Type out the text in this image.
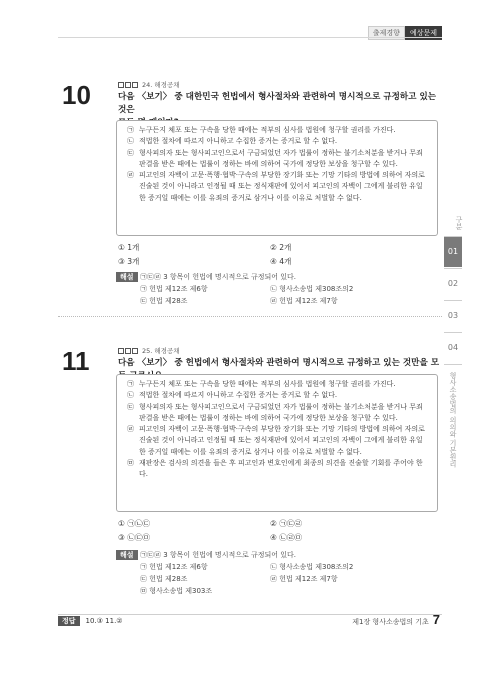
출제경향	예상문제
10	24. 해경공채
다음 〈보기〉 중 대한민국 헌법에서 형사절차와 관련하여 명시적으로 규정하고 있는 것은
㉠ 누구든지 체포 또는 구속을 당한 때에는 적부의 심사를 법원에 청구할 권리를 가진다.
㉡ 적법한 절차에 따르지 아니하고 수집한 증거는 증거로 할 수 없다.
㉢ 형사피의자 또는 형사피고인으로서 구금되었던 자가 법률이 정하는 불기소처분을 받거나 무죄판결을 받은 때에는 법률이 정하는 바에 의하여 국가에 정당한 보상을 청구할 수 있다.
㉣ 피고인의 자백이 고문·폭행·협박·구속의 부당한 장기화 또는 기망 기타의 방법에 의하여 자의로 진술된 것이 아니라고 인정될 때 또는 정식재판에 있어서 피고인의 자백이 그에게 불리한 유일한 증거일 때에는 이를 유죄의 증거로 삼거나 이를 이유로 처벌할 수 없다.
① 1개	② 2개
③ 3개	④ 4개
해설 ㉠㉢㉣ 3 항목이 헌법에 명시적으로 규정되어 있다.
㉠ 헌법 제12조 제6항	㉡ 형사소송법 제308조의2
㉢ 헌법 제28조	㉣ 헌법 제12조 제7항
11	25. 해경공채
다음 〈보기〉 중 헌법에서 형사절차와 관련하여 명시적으로 규정하고 있는 것만을 모
㉠ 누구든지 체포 또는 구속을 당한 때에는 적부의 심사를 법원에 청구할 권리를 가진다.
㉡ 적법한 절차에 따르지 아니하고 수집한 증거는 증거로 할 수 없다.
㉢ 형사피의자 또는 형사피고인으로서 구금되었던 자가 법률이 정하는 불기소처분을 받거나 무죄판결을 받은 때에는 법률이 정하는 바에 의하여 국가에 정당한 보상을 청구할 수 있다.
㉣ 피고인의 자백이 고문·폭행·협박·구속의 부당한 장기화 또는 기망 기타의 방법에 의하여 자의로 진술된 것이 아니라고 인정될 때 또는 정식재판에 있어서 피고인의 자백이 그에게 불리한 유일한 증거일 때에는 이를 유죄의 증거로 삼거나 이를 이유로 처벌할 수 없다.
㉤ 재판장은 검사의 의견을 들은 후 피고인과 변호인에게 최종의 의견을 진술할 기회를 주어야 한다.
① ㉠㉡㉢	② ㉠㉢㉣
③ ㉡㉢㉤	④ ㉡㉣㉤
해설 ㉠㉢㉣ 3 항목이 헌법에 명시적으로 규정되어 있다.
㉠ 헌법 제12조 제6항	㉡ 형사소송법 제308조의2
㉢ 헌법 제28조	㉣ 헌법 제12조 제7항
㉤ 형사소송법 제303조
구분
01
02
03
04
형사소송법의 의의와 기본원리
정답	10.③ 11.②	제1장 형사소송법의 기초 7
